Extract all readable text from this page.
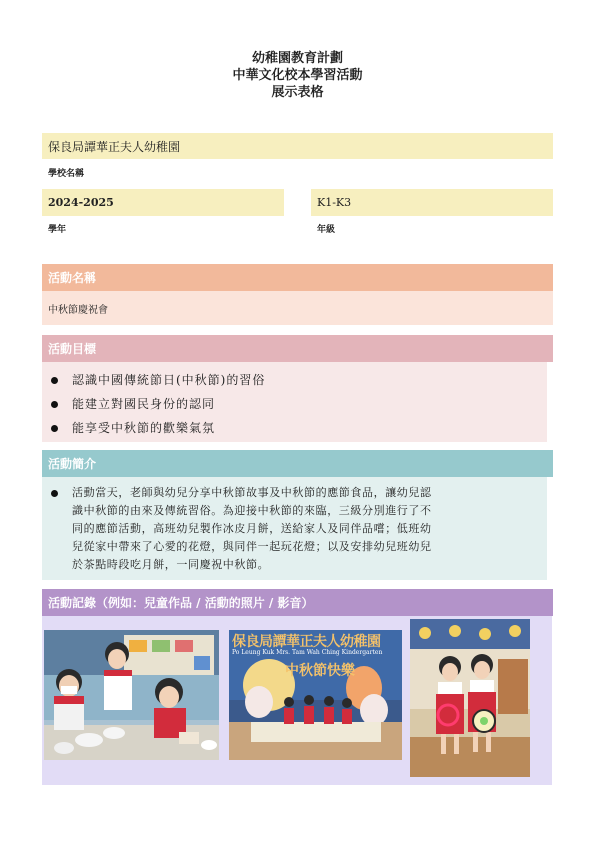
幼稚園教育計劃
中華文化校本學習活動
展示表格
保良局譚華正夫人幼稚園
學校名稱
2024-2025
學年
K1-K3
年級
活動名稱
中秋節慶祝會
活動目標
認識中國傳統節日(中秋節)的習俗
能建立對國民身份的認同
能享受中秋節的歡樂氣氛
活動簡介
活動當天，老師與幼兒分享中秋節故事及中秋節的應節食品，讓幼兒認
識中秋節的由來及傳統習俗。為迎接中秋節的來臨，三級分別進行了不
同的應節活動，高班幼兒製作冰皮月餅，送給家人及同伴品嚐；低班幼
兒從家中帶來了心愛的花燈，與同伴一起玩花燈；以及安排幼兒班幼兒
於茶點時段吃月餅，一同慶祝中秋節。
活動記錄（例如：兒童作品 / 活動的照片 / 影音）
保良局譚華正夫人幼稚園
Po Leung Kuk Mrs. Tam Wah Ching Kindergarten
中秋節快樂
